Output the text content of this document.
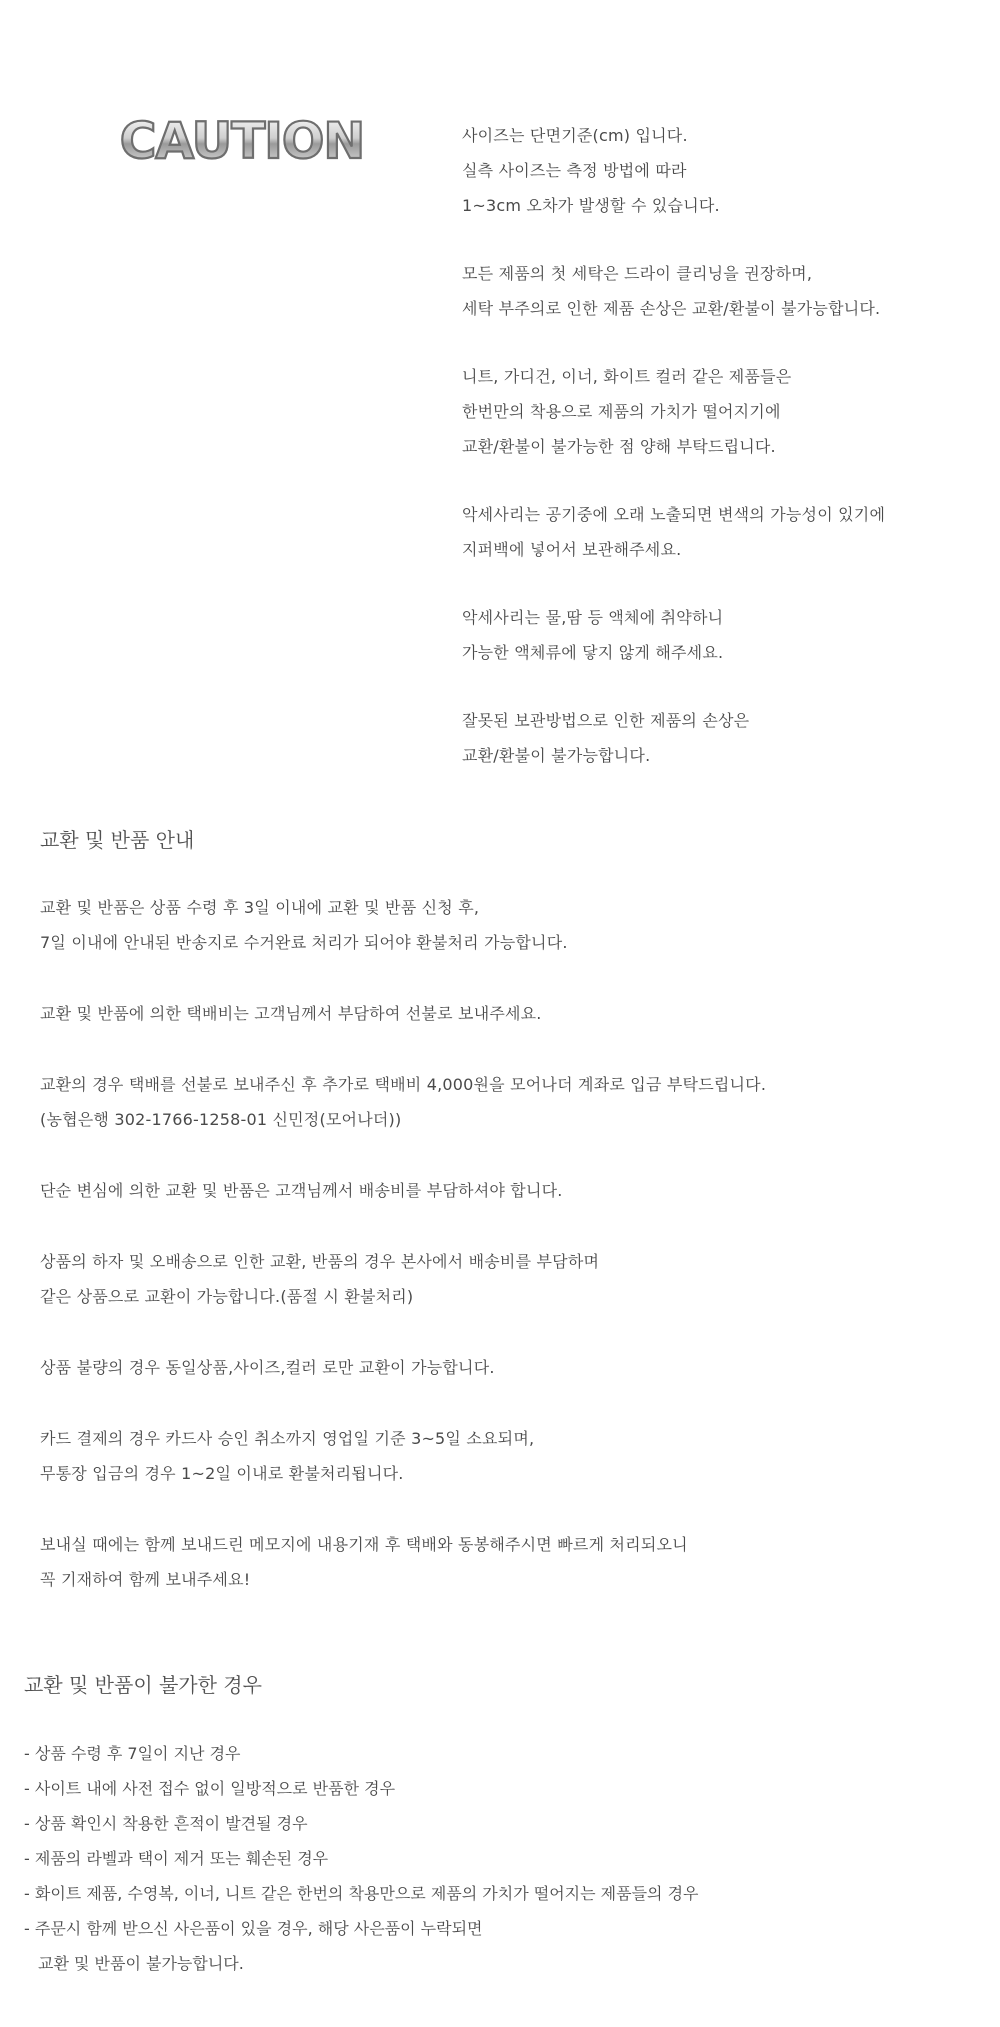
CAUTION	사이즈는 단면기준(cm) 입니다.
실측 사이즈는 측정 방법에 따라
1~3cm 오차가 발생할 수 있습니다.
모든 제품의 첫 세탁은 드라이 클리닝을 권장하며,
세탁 부주의로 인한 제품 손상은 교환/환불이 불가능합니다.
니트, 가디건, 이너, 화이트 컬러 같은 제품들은
한번만의 착용으로 제품의 가치가 떨어지기에
교환/환불이 불가능한 점 양해 부탁드립니다.
악세사리는 공기중에 오래 노출되면 변색의 가능성이 있기에
지퍼백에 넣어서 보관해주세요.
악세사리는 물,땀 등 액체에 취약하니
가능한 액체류에 닿지 않게 해주세요.
잘못된 보관방법으로 인한 제품의 손상은
교환/환불이 불가능합니다.
교환 및 반품 안내
교환 및 반품은 상품 수령 후 3일 이내에 교환 및 반품 신청 후,
7일 이내에 안내된 반송지로 수거완료 처리가 되어야 환불처리 가능합니다.
교환 및 반품에 의한 택배비는 고객님께서 부담하여 선불로 보내주세요.
교환의 경우 택배를 선불로 보내주신 후 추가로 택배비 4,000원을 모어나더 계좌로 입금 부탁드립니다.
(농협은행 302-1766-1258-01 신민정(모어나더))
단순 변심에 의한 교환 및 반품은 고객님께서 배송비를 부담하셔야 합니다.
상품의 하자 및 오배송으로 인한 교환, 반품의 경우 본사에서 배송비를 부담하며
같은 상품으로 교환이 가능합니다.(품절 시 환불처리)
상품 불량의 경우 동일상품,사이즈,컬러 로만 교환이 가능합니다.
카드 결제의 경우 카드사 승인 취소까지 영업일 기준 3~5일 소요되며,
무통장 입금의 경우 1~2일 이내로 환불처리됩니다.
보내실 때에는 함께 보내드린 메모지에 내용기재 후 택배와 동봉해주시면 빠르게 처리되오니
꼭 기재하여 함께 보내주세요!
교환 및 반품이 불가한 경우
- 상품 수령 후 7일이 지난 경우
- 사이트 내에 사전 접수 없이 일방적으로 반품한 경우
- 상품 확인시 착용한 흔적이 발견될 경우
- 제품의 라벨과 택이 제거 또는 훼손된 경우
- 화이트 제품, 수영복, 이너, 니트 같은 한번의 착용만으로 제품의 가치가 떨어지는 제품들의 경우
- 주문시 함께 받으신 사은품이 있을 경우, 해당 사은품이 누락되면
교환 및 반품이 불가능합니다.
